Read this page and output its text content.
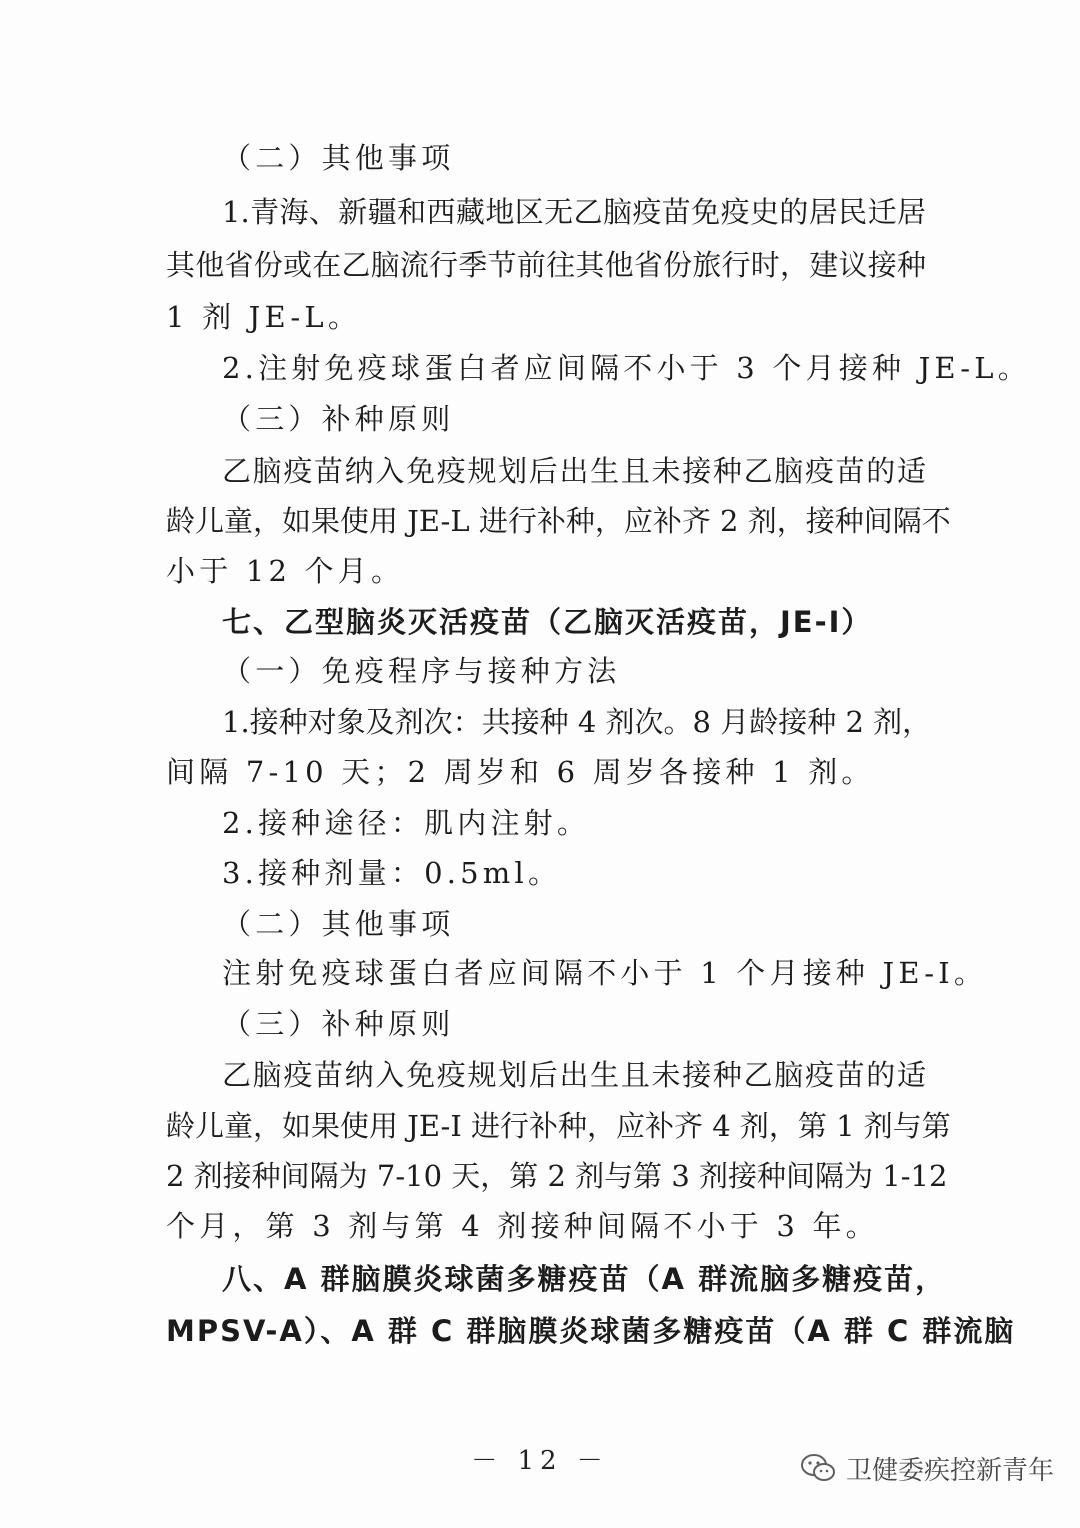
（二）其他事项
1.青海、新疆和西藏地区无乙脑疫苗免疫史的居民迁居
其他省份或在乙脑流行季节前往其他省份旅行时，建议接种
1 剂 JE-L。
2.注射免疫球蛋白者应间隔不小于 3 个月接种 JE-L。
（三）补种原则
乙脑疫苗纳入免疫规划后出生且未接种乙脑疫苗的适
龄儿童，如果使用 JE-L 进行补种，应补齐 2 剂，接种间隔不
小于 12 个月。
七、乙型脑炎灭活疫苗（乙脑灭活疫苗，JE-I）
（一）免疫程序与接种方法
1.接种对象及剂次：共接种 4 剂次。8 月龄接种 2 剂，
间隔 7-10 天；2 周岁和 6 周岁各接种 1 剂。
2.接种途径：肌内注射。
3.接种剂量：0.5ml。
（二）其他事项
注射免疫球蛋白者应间隔不小于 1 个月接种 JE-I。
（三）补种原则
乙脑疫苗纳入免疫规划后出生且未接种乙脑疫苗的适
龄儿童，如果使用 JE-I 进行补种，应补齐 4 剂，第 1 剂与第
2 剂接种间隔为 7-10 天，第 2 剂与第 3 剂接种间隔为 1-12
个月，第 3 剂与第 4 剂接种间隔不小于 3 年。
八、A 群脑膜炎球菌多糖疫苗（A 群流脑多糖疫苗，
MPSV-A）、A 群 C 群脑膜炎球菌多糖疫苗（A 群 C 群流脑
－ 12 －	卫健委疾控新青年
